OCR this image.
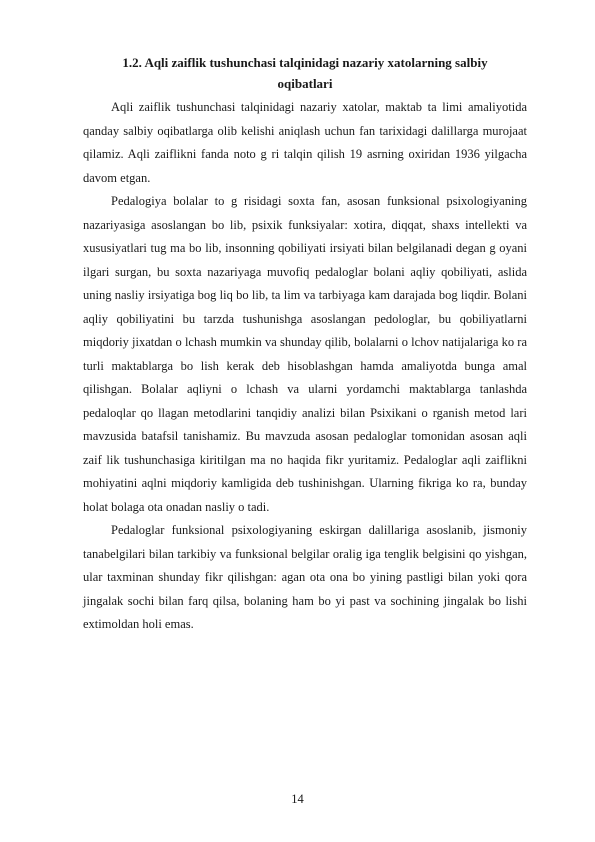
1.2. Aqli zaiflik tushunchasi talqinidagi nazariy xatolarning salbiy
oqibatlari

Aqli zaiflik tushunchasi talqinidagi nazariy xatolar, maktab ta limi amaliyotida qanday salbiy oqibatlarga olib kelishi aniqlash uchun fan tarixidagi dalillarga murojaat qilamiz. Aqli zaiflikni fanda noto g ri talqin qilish 19 asrning oxiridan 1936 yilgacha davom etgan.

Pedalogiya bolalar to g risidagi soxta fan, asosan funksional psixologiyaning nazariyasiga asoslangan bo lib, psixik funksiyalar: xotira, diqqat, shaxs intellekti va xususiyatlari tug ma bo lib, insonning qobiliyati irsiyati bilan belgilanadi degan g oyani ilgari surgan, bu soxta nazariyaga muvofiq pedaloglar bolani aqliy qobiliyati, aslida uning nasliy irsiyatiga bog liq bo lib, ta lim va tarbiyaga kam darajada bog liqdir. Bolani aqliy qobiliyatini bu tarzda tushunishga asoslangan pedologlar, bu qobiliyatlarni miqdoriy jixatdan o lchash mumkin va shunday qilib, bolalarni o lchov natijalariga ko ra turli maktablarga bo lish kerak deb hisoblashgan hamda amaliyotda bunga amal qilishgan. Bolalar aqliyni o lchash va ularni yordamchi maktablarga tanlashda pedaloqlar qo llagan metodlarini tanqidiy analizi bilan Psixikani o rganish metod lari mavzusida batafsil tanishamiz. Bu mavzuda asosan pedaloglar tomonidan asosan aqli zaif lik tushunchasiga kiritilgan ma no haqida fikr yuritamiz. Pedaloglar aqli zaiflikni mohiyatini aqlni miqdoriy kamligida deb tushinishgan. Ularning fikriga ko ra, bunday holat bolaga ota onadan nasliy o tadi.

Pedaloglar funksional psixologiyaning eskirgan dalillariga asoslanib, jismoniy tanabelgilari bilan tarkibiy va funksional belgilar oralig iga tenglik belgisini qo yishgan, ular taxminan shunday fikr qilishgan: agan ota ona bo yining pastligi bilan yoki qora jingalak sochi bilan farq qilsa, bolaning ham bo yi past va sochining jingalak bo lishi extimoldan holi emas.

14
